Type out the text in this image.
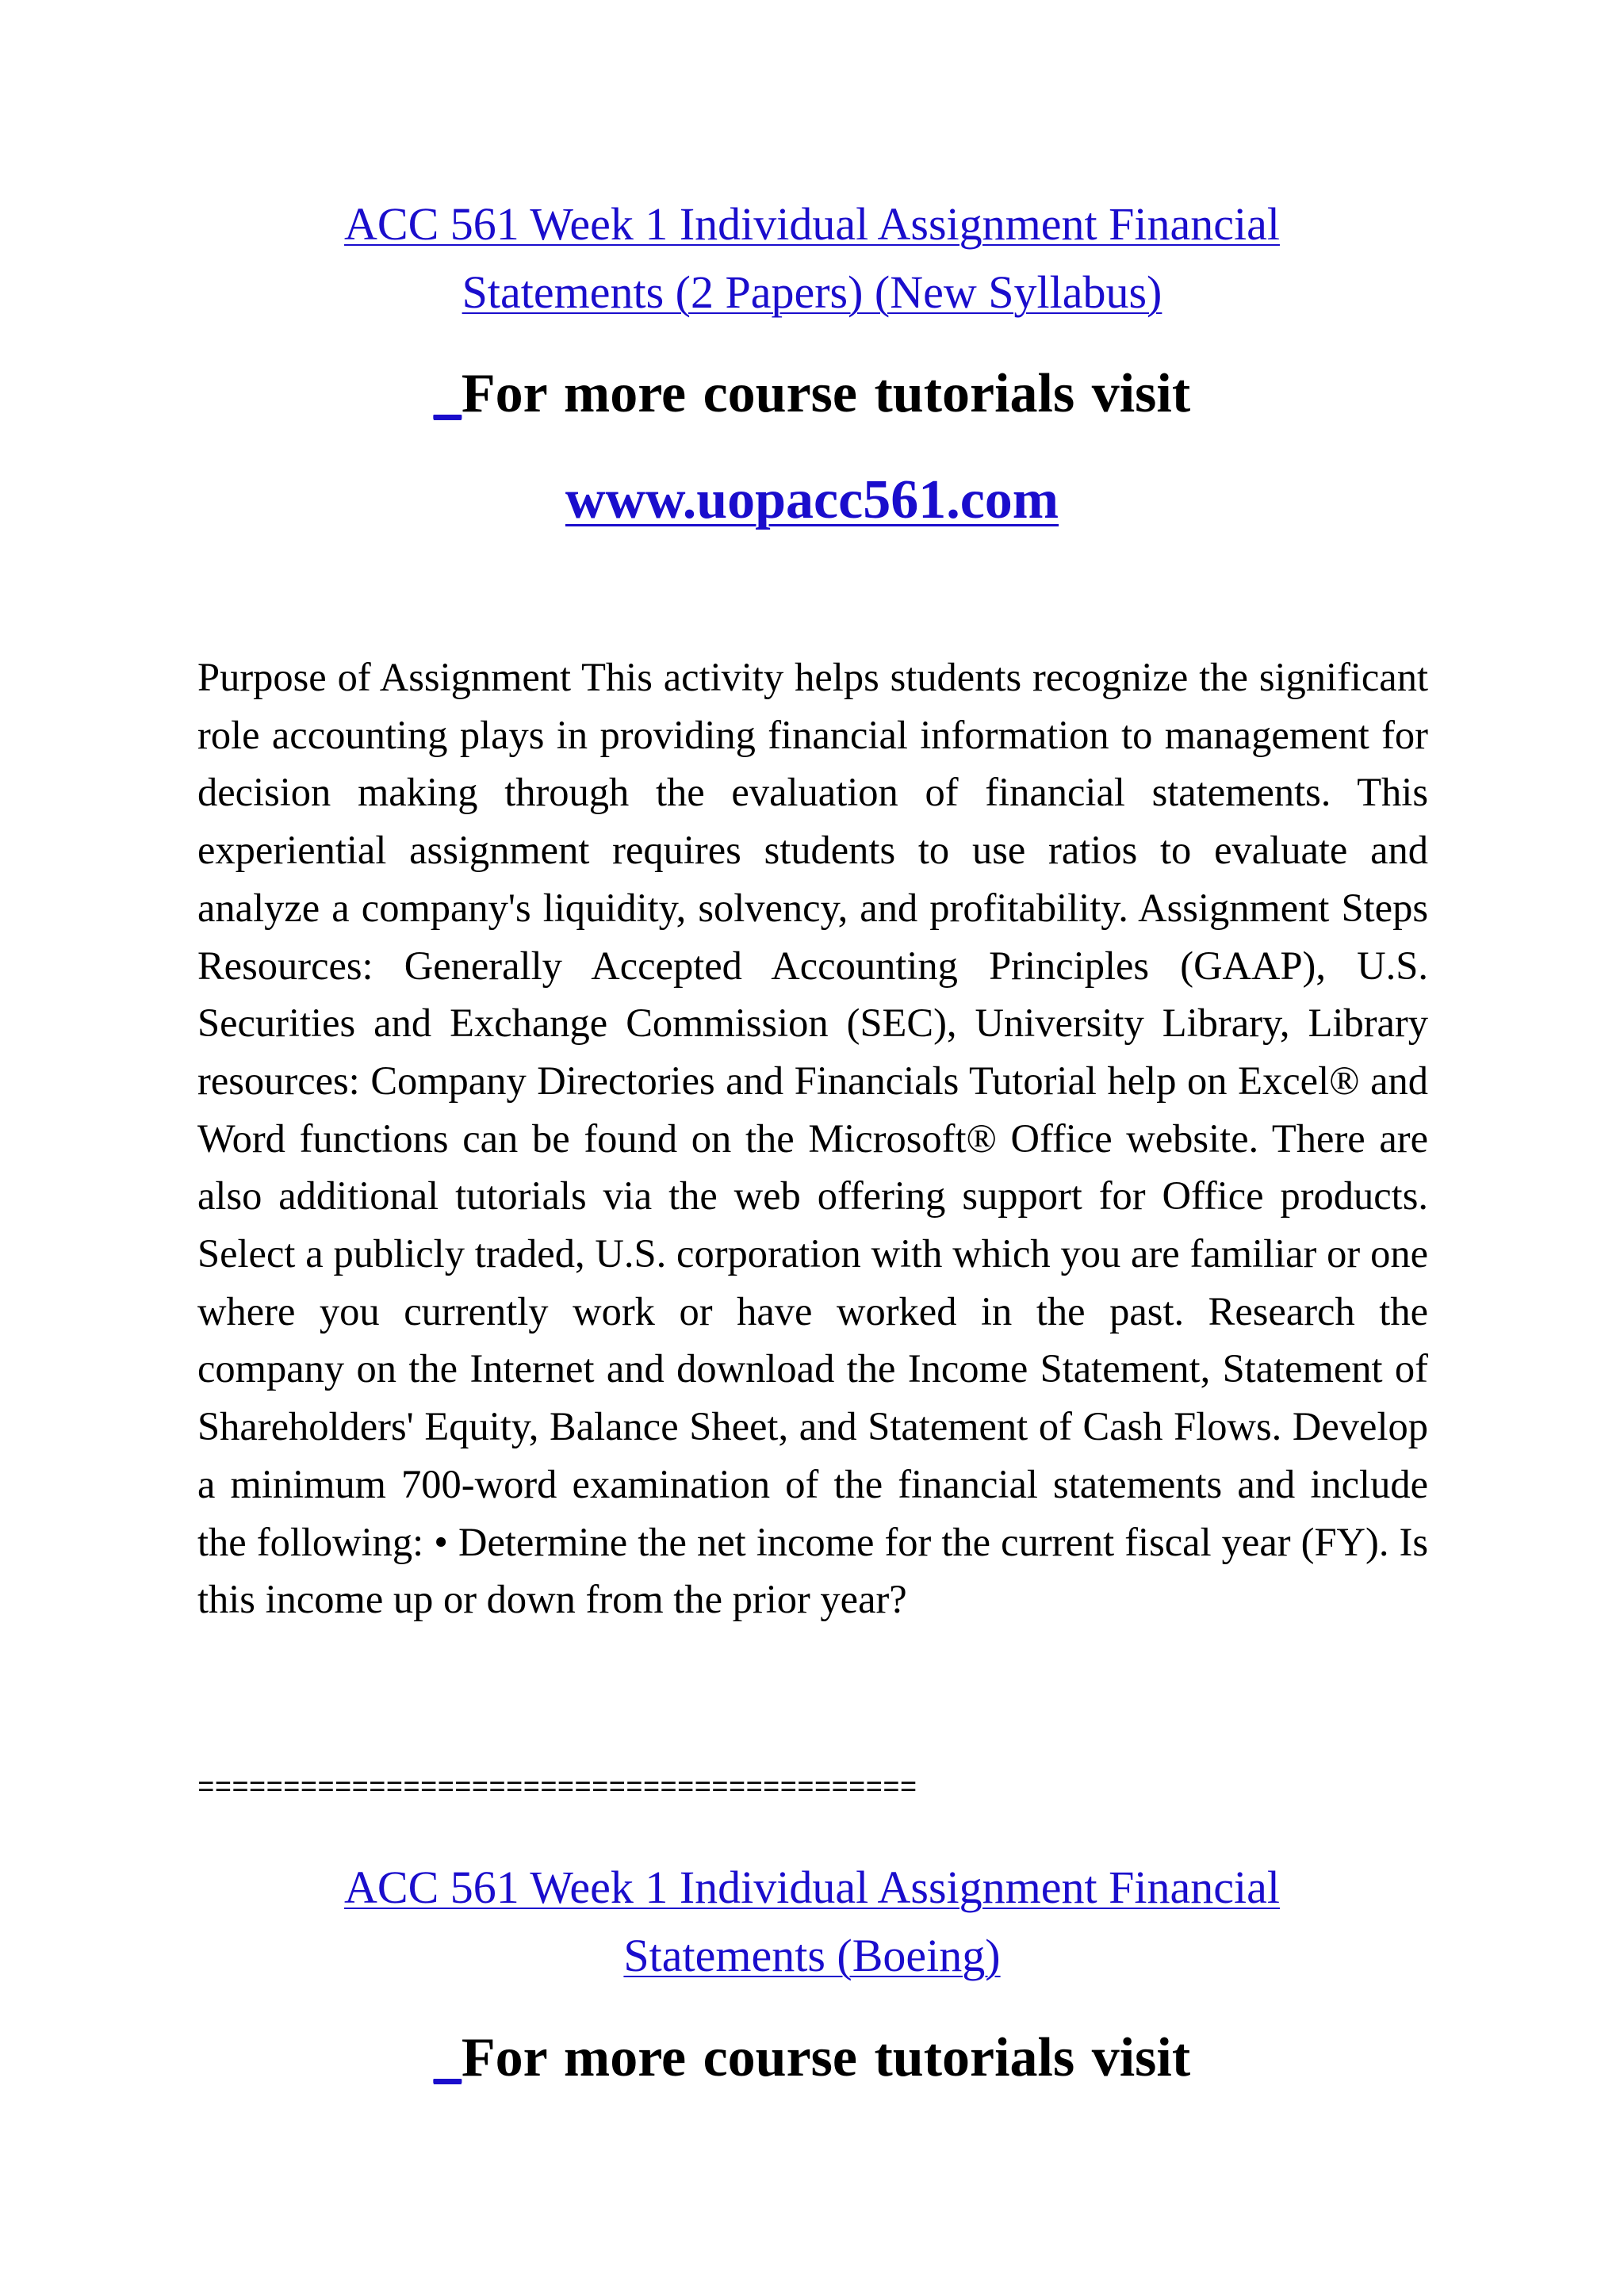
ACC 561 Week 1 Individual Assignment Financial
Statements (2 Papers) (New Syllabus)
_For more course tutorials visit
www.uopacc561.com

Purpose of Assignment This activity helps students recognize the significant role accounting plays in providing financial information to management for decision making through the evaluation of financial statements. This experiential assignment requires students to use ratios to evaluate and analyze a company's liquidity, solvency, and profitability. Assignment Steps Resources: Generally Accepted Accounting Principles (GAAP), U.S. Securities and Exchange Commission (SEC), University Library, Library resources: Company Directories and Financials Tutorial help on Excel® and Word functions can be found on the Microsoft® Office website. There are also additional tutorials via the web offering support for Office products. Select a publicly traded, U.S. corporation with which you are familiar or one where you currently work or have worked in the past. Research the company on the Internet and download the Income Statement, Statement of Shareholders' Equity, Balance Sheet, and Statement of Cash Flows. Develop a minimum 700-word examination of the financial statements and include the following: • Determine the net income for the current fiscal year (FY). Is this income up or down from the prior year?

==========================================
ACC 561 Week 1 Individual Assignment Financial
Statements (Boeing)
_For more course tutorials visit
